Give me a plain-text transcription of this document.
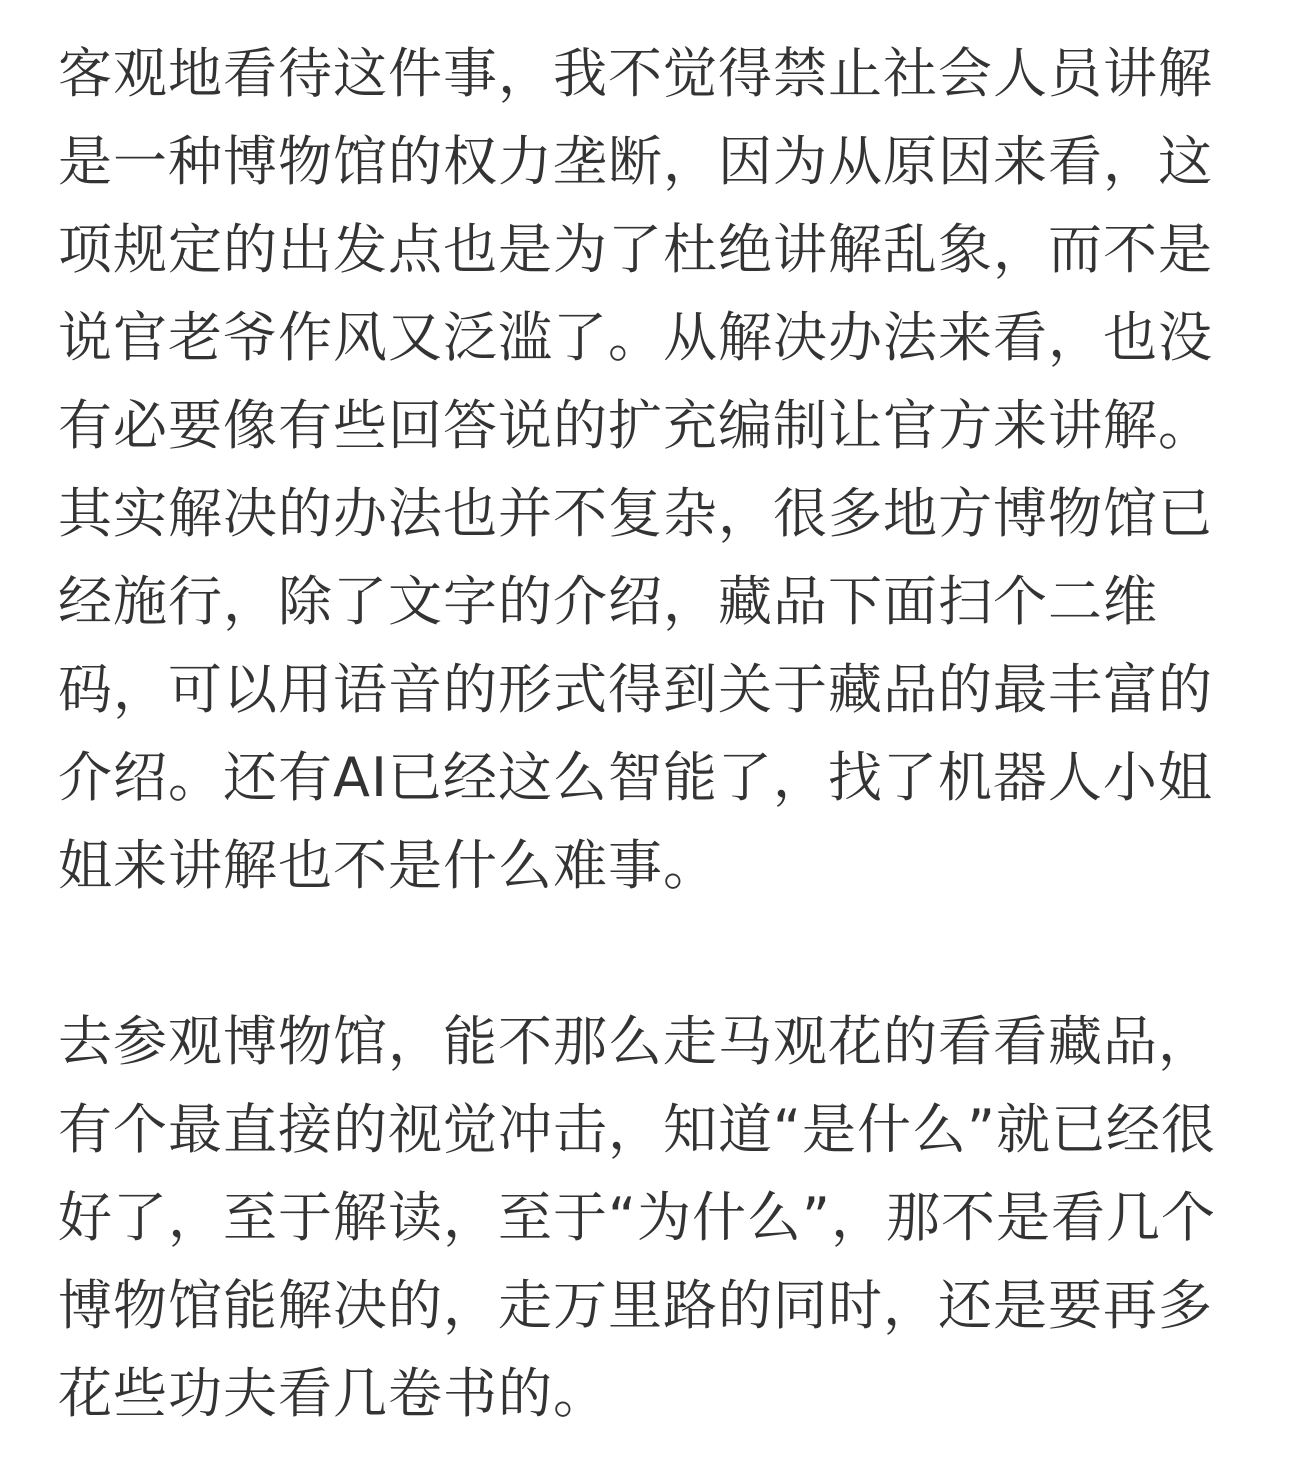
客观地看待这件事，我不觉得禁止社会人员讲解
是一种博物馆的权力垄断，因为从原因来看，这
项规定的出发点也是为了杜绝讲解乱象，而不是
说官老爷作风又泛滥了。从解决办法来看，也没
有必要像有些回答说的扩充编制让官方来讲解。
其实解决的办法也并不复杂，很多地方博物馆已
经施行，除了文字的介绍，藏品下面扫个二维
码，可以用语音的形式得到关于藏品的最丰富的
介绍。还有AI已经这么智能了，找了机器人小姐
姐来讲解也不是什么难事。

去参观博物馆，能不那么走马观花的看看藏品，
有个最直接的视觉冲击，知道“是什么”就已经很
好了，至于解读，至于“为什么”，那不是看几个
博物馆能解决的，走万里路的同时，还是要再多
花些功夫看几卷书的。
